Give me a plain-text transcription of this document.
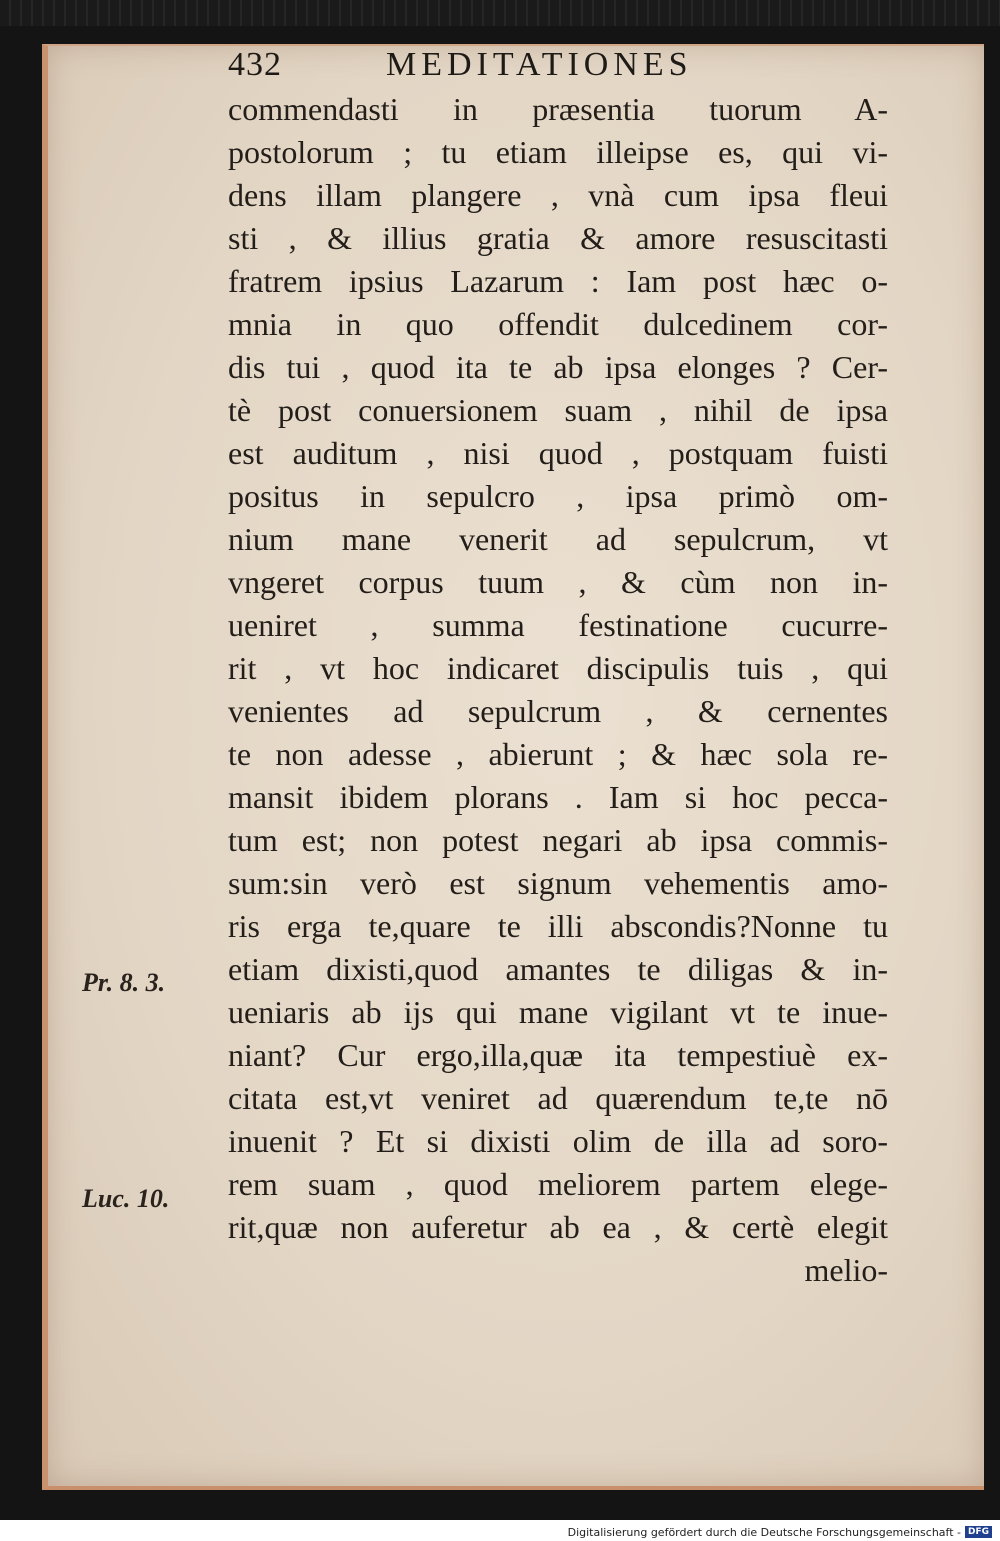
432	MEDITATIONES
commendasti in præsentia tuorum A-
postolorum ; tu etiam illeipse es, qui vi-
dens illam plangere , vnà cum ipsa fleui
sti , & illius gratia & amore resuscitasti
fratrem ipsius Lazarum : Iam post hæc o-
mnia in quo offendit dulcedinem cor-
dis tui , quod ita te ab ipsa elonges ? Cer-
tè post conuersionem suam , nihil de ipsa
est auditum , nisi quod , postquam fuisti
positus in sepulcro , ipsa primò om-
nium mane venerit ad sepulcrum, vt
vngeret corpus tuum , & cùm non in-
ueniret , summa festinatione cucurre-
rit , vt hoc indicaret discipulis tuis , qui
venientes ad sepulcrum , & cernentes
te non adesse , abierunt ; & hæc sola re-
mansit ibidem plorans . Iam si hoc pecca-
tum est; non potest negari ab ipsa commis-
sum:sin verò est signum vehementis amo-
ris erga te,quare te illi abscondis?Nonne tu
etiam dixisti,quod amantes te diligas & in-
ueniaris ab ijs qui mane vigilant vt te inue-
niant? Cur ergo,illa,quæ ita tempestiuè ex-
citata est,vt veniret ad quærendum te,te nō
inuenit ? Et si dixisti olim de illa ad soro-
rem suam , quod meliorem partem elege-
rit,quæ non auferetur ab ea , & certè elegit
melio-
Pr. 8. 3.
Luc. 10.
Digitalisierung gefördert durch die Deutsche Forschungsgemeinschaft - DFG
